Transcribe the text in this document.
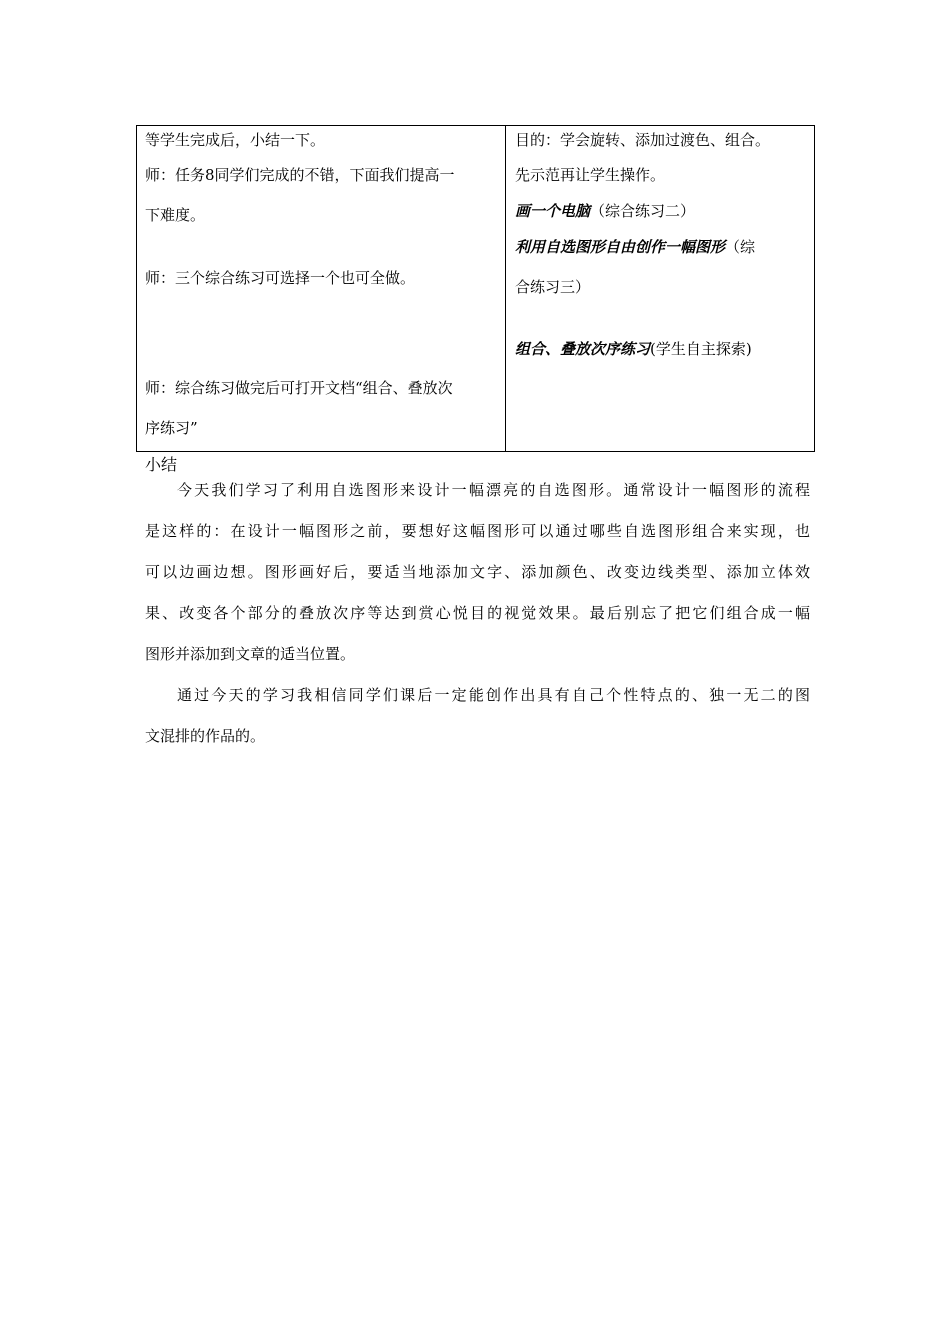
等学生完成后，小结一下。
师：任务8同学们完成的不错，下面我们提高一
下难度。
师：三个综合练习可选择一个也可全做。
师：综合练习做完后可打开文档“组合、叠放次
序练习”
目的：学会旋转、添加过渡色、组合。
先示范再让学生操作。
画一个电脑（综合练习二）
利用自选图形自由创作一幅图形（综
合练习三）
组合、叠放次序练习(学生自主探索)
小结
今天我们学习了利用自选图形来设计一幅漂亮的自选图形。通常设计一幅图形的流程
是这样的：在设计一幅图形之前，要想好这幅图形可以通过哪些自选图形组合来实现，也
可以边画边想。图形画好后，要适当地添加文字、添加颜色、改变边线类型、添加立体效
果、改变各个部分的叠放次序等达到赏心悦目的视觉效果。最后别忘了把它们组合成一幅
图形并添加到文章的适当位置。
通过今天的学习我相信同学们课后一定能创作出具有自己个性特点的、独一无二的图
文混排的作品的。
